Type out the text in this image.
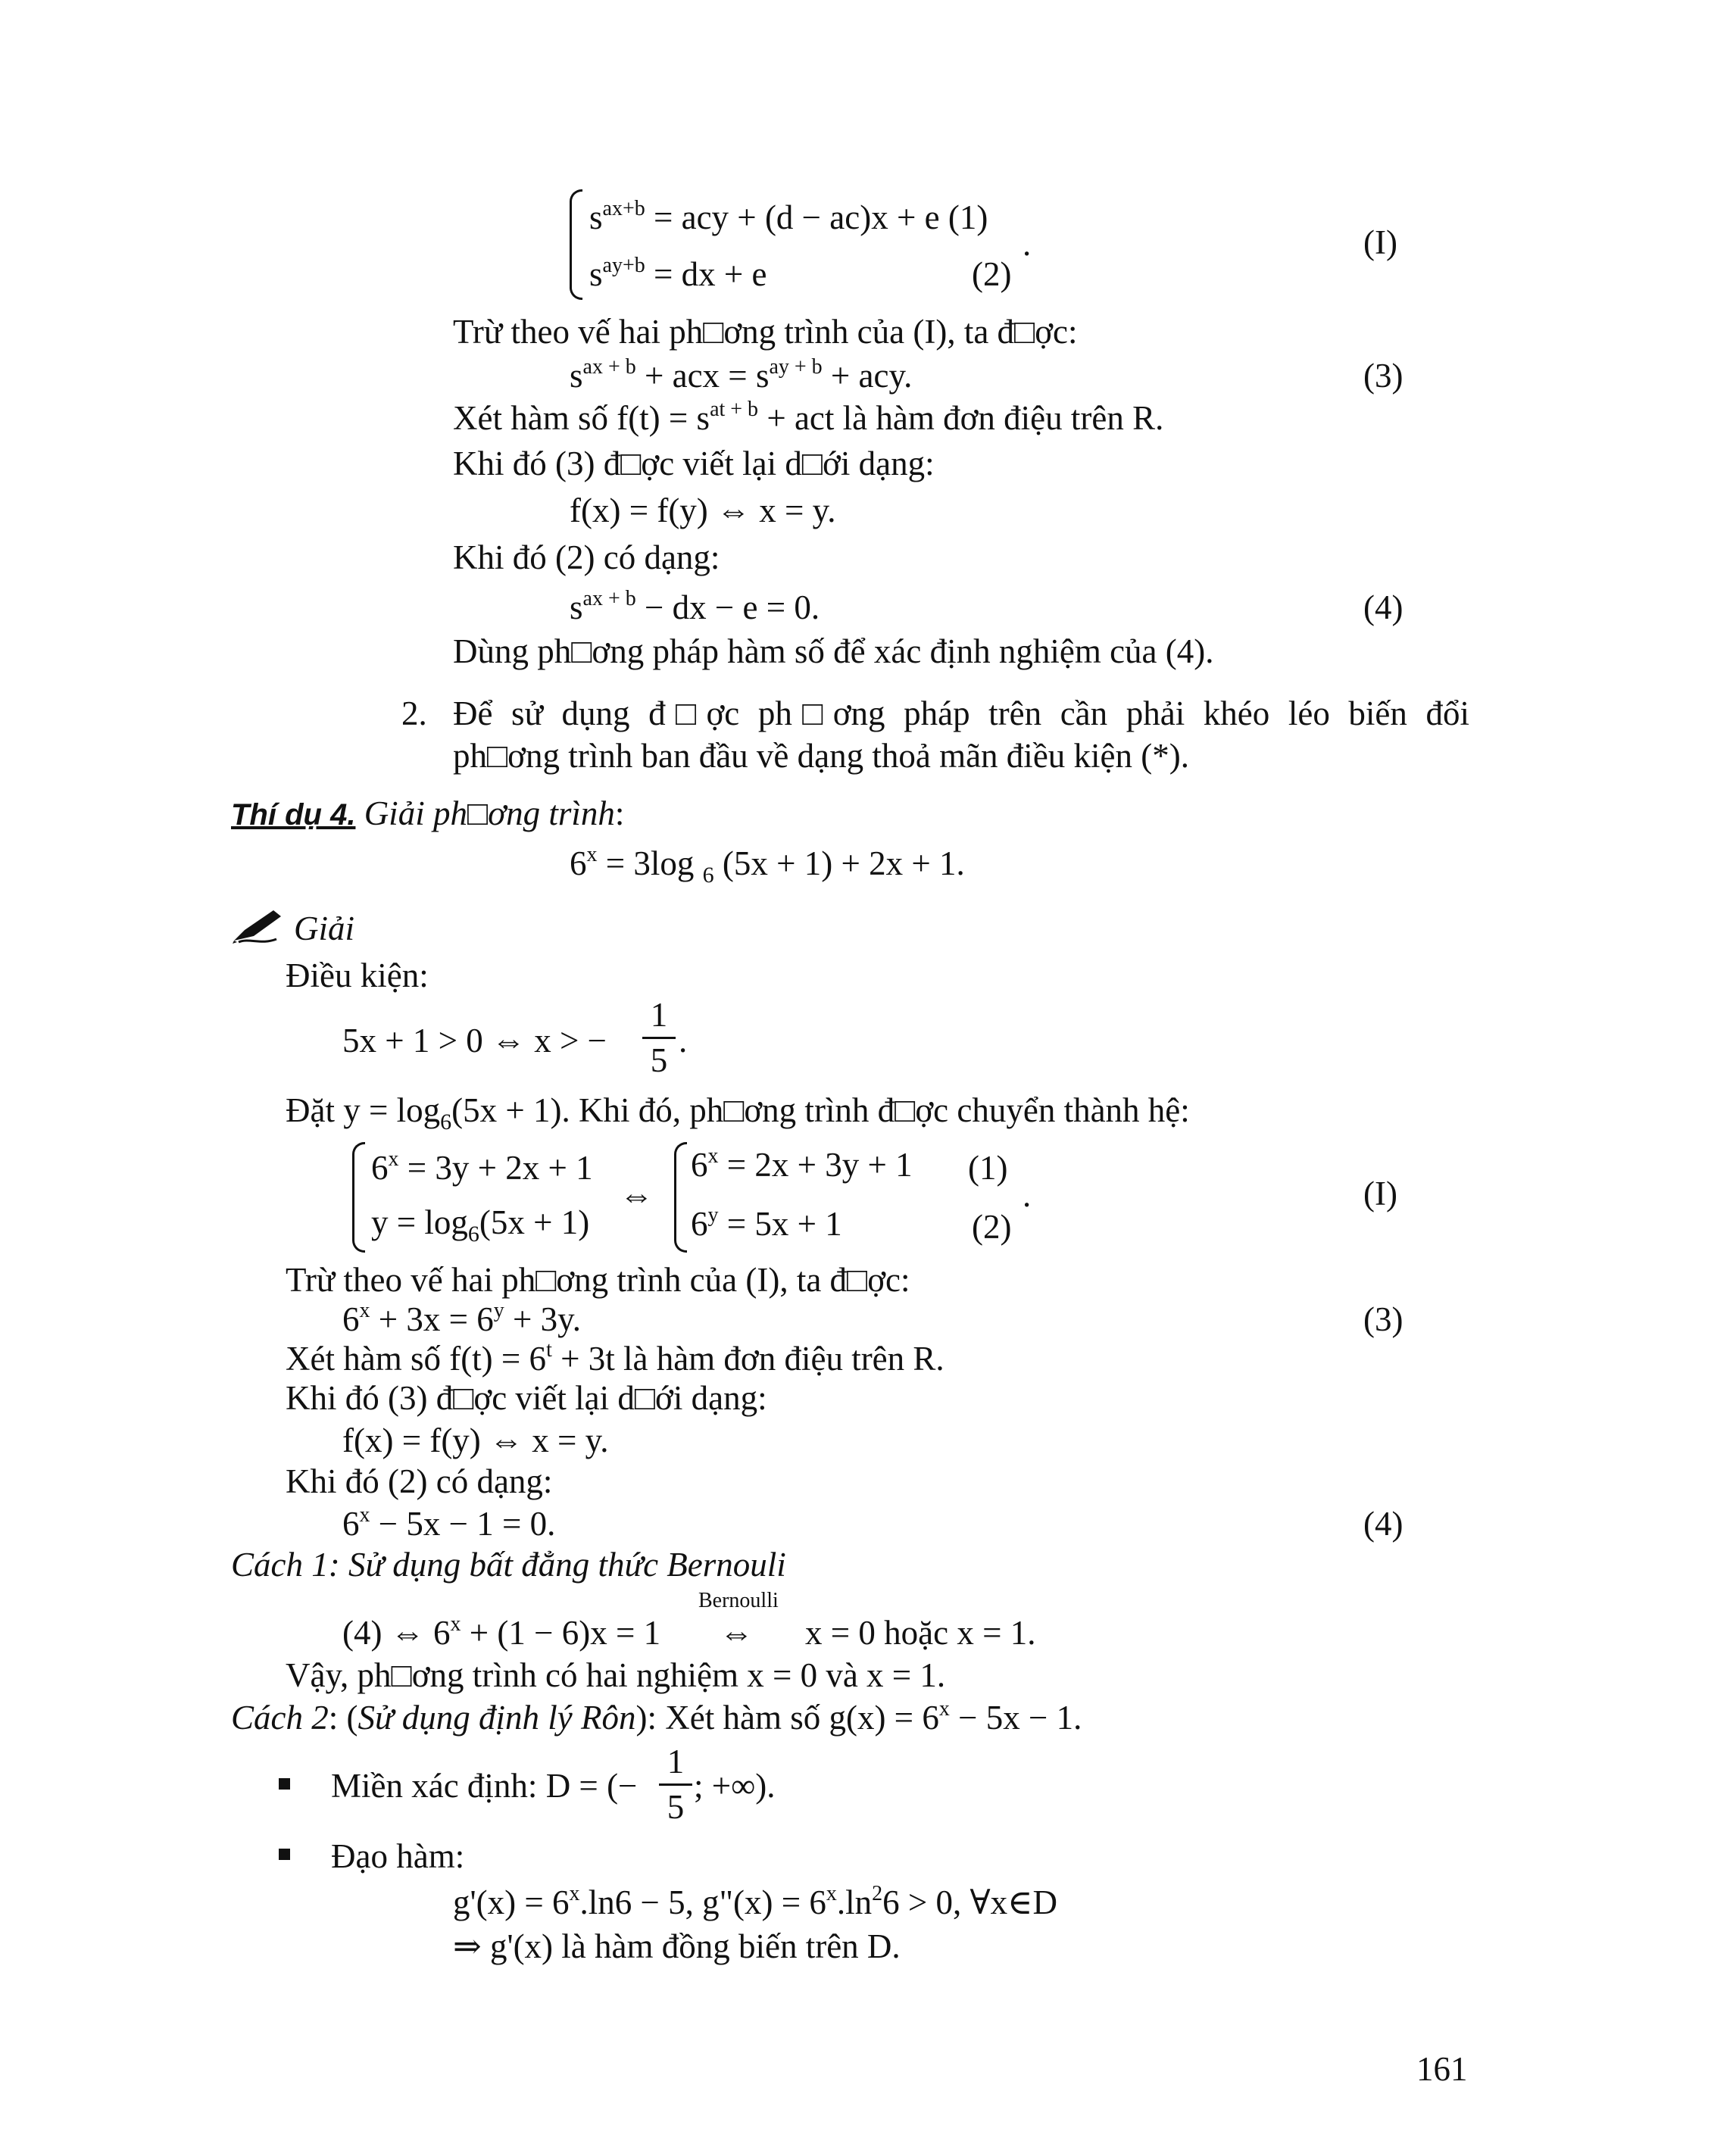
$s^{ax+b}$ = acy + (d − ac)x + e (1)
$s^{ay+b}$ = dx + e	(2)
.	(I)
Trừ theo vế hai ph□ơng trình của (I), ta đ□ợc:
$s^{ax + b}$ + acx = $s^{ay + b}$ + acy.	(3)
Xét hàm số $f(t) = s^{at + b}$ + act là hàm đơn điệu trên R.
Khi đó (3) đ□ợc viết lại d□ới dạng:
f(x) = f(y) ⇔ x = y.
Khi đó (2) có dạng:
$s^{ax + b}$ − dx − e = 0.	(4)
Dùng ph□ơng pháp hàm số để xác định nghiệm của (4).
2. Để sử dụng đ□ợc ph□ơng pháp trên cần phải khéo léo biến đổi
ph□ơng trình ban đầu về dạng thoả mãn điều kiện (*).
Thí dụ 4. Giải ph□ơng trình:
$6^x = 3\log$ $_6$ (5x + 1) + 2x + 1.
Giải
Điều kiện:
5x + 1 > 0 ⇔ x > −
1
5
.
Đặt $y = \log_6(5x + 1)$. Khi đó, ph□ơng trình đ□ợc chuyển thành hệ:
$6^x = 3y + 2x + 1$
$y = \log_6(5x + 1)$
⇔
$6^x = 2x + 3y + 1$ (1)
$6^y = 5x + 1$	(2)
.	(I)
Trừ theo vế hai ph□ơng trình của (I), ta đ□ợc:
$6^x + 3x = 6^y + 3y$.	(3)
Xét hàm số $f(t) = 6^t + 3t$ là hàm đơn điệu trên R.
Khi đó (3) đ□ợc viết lại d□ới dạng:
f(x) = f(y) ⇔ x = y.
Khi đó (2) có dạng:
$6^x - 5x - 1 = 0$.	(4)
Cách 1: Sử dụng bất đẳng thức Bernouli
Bernoulli
(4) ⇔ $6^x + (1 - 6)x = 1$ ⇔ x = 0 hoặc x = 1.
Vậy, ph□ơng trình có hai nghiệm x = 0 và x = 1.
Cách 2: (Sử dụng định lý Rôn): Xét hàm số $g(x) = 6^x - 5x - 1$.
Miền xác định: D = (−
1
5
; +∞).
Đạo hàm:
$g'(x) = 6^x.\ln 6 - 5$, g"(x) = $6^x.\ln^26 > 0$, ∀x∈D
⇒ g'(x) là hàm đồng biến trên D.
161
